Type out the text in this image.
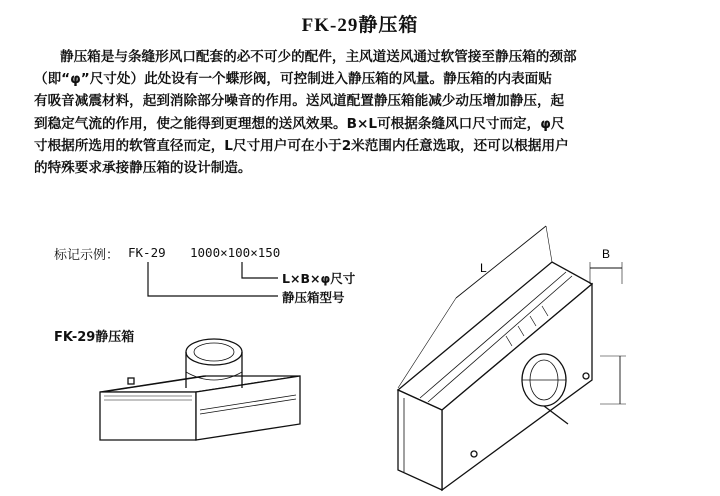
FK-29静压箱
静压箱是与条缝形风口配套的必不可少的配件，主风道送风通过软管接至静压箱的颈部
（即“φ”尺寸处）此处设有一个蝶形阀，可控制进入静压箱的风量。静压箱的内表面贴
有吸音减震材料，起到消除部分噪音的作用。送风道配置静压箱能减少动压增加静压，起
到稳定气流的作用，使之能得到更理想的送风效果。B×L可根据条缝风口尺寸而定，φ尺
寸根据所选用的软管直径而定，L尺寸用户可在小于2米范围内任意选取，还可以根据用户
的特殊要求承接静压箱的设计制造。
标记示例： FK-29 1000×100×150
L×B×φ尺寸
静压箱型号
FK-29静压箱
L
B
